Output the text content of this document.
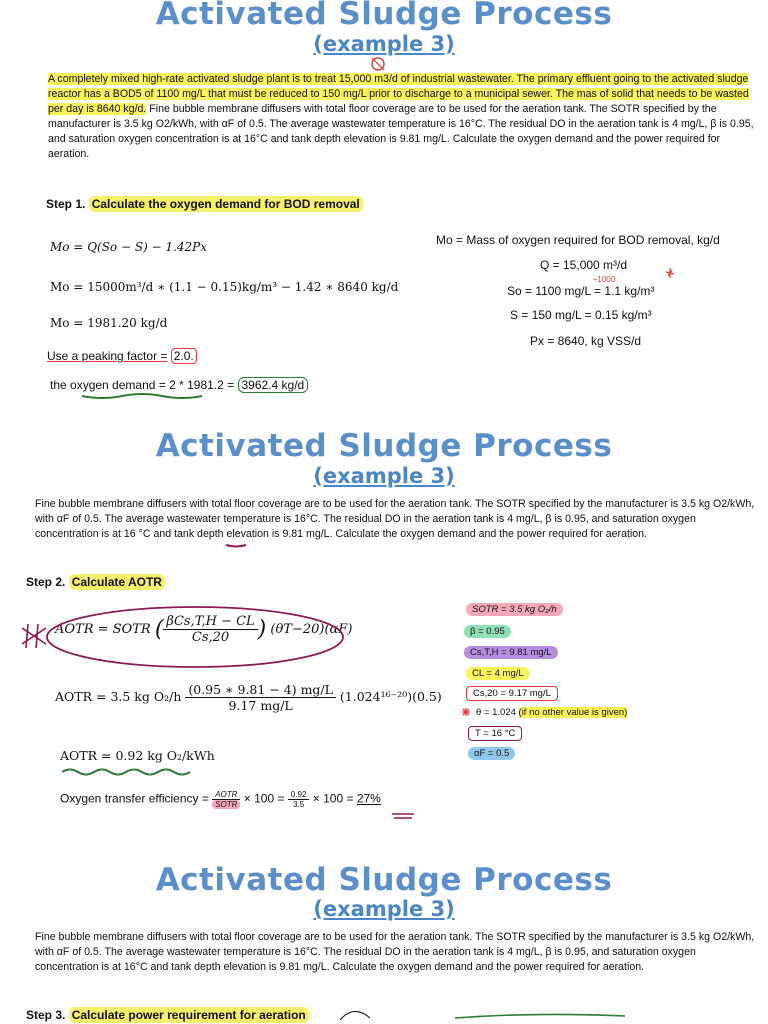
Activated Sludge Process
(example 3)
A completely mixed high-rate activated sludge plant is to treat 15,000 m3/d of industrial wastewater. The primary effluent going to the activated sludge reactor has a BOD5 of 1100 mg/L that must be reduced to 150 mg/L prior to discharge to a municipal sewer. The mas of solid that needs to be wasted per day is 8640 kg/d. Fine bubble membrane diffusers with total floor coverage are to be used for the aeration tank. The SOTR specified by the manufacturer is 3.5 kg O2/kWh, with αF of 0.5. The average wastewater temperature is 16°C. The residual DO in the aeration tank is 4 mg/L, β is 0.95, and saturation oxygen concentration is at 16°C and tank depth elevation is 9.81 mg/L. Calculate the oxygen demand and the power required for aeration.
Step 1. Calculate the oxygen demand for BOD removal
Mo = Q(So − S) − 1.42Px
Mo = 15000m³/d ∗ (1.1 − 0.15)kg/m³ − 1.42 ∗ 8640 kg/d
Mo = 1981.20 kg/d
Use a peaking factor = 2.0.
the oxygen demand = 2 * 1981.2 = 3962.4 kg/d
Mo = Mass of oxygen required for BOD removal, kg/d
Q = 15,000 m³/d
So = 1100 mg/L = 1.1 kg/m³
S = 150 mg/L = 0.15 kg/m³
Px = 8640, kg VSS/d
÷1000
Activated Sludge Process
(example 3)
Fine bubble membrane diffusers with total floor coverage are to be used for the aeration tank. The SOTR specified by the manufacturer is 3.5 kg O2/kWh, with αF of 0.5. The average wastewater temperature is 16°C. The residual DO in the aeration tank is 4 mg/L, β is 0.95, and saturation oxygen concentration is at 16 °C and tank depth elevation is 9.81 mg/L. Calculate the oxygen demand and the power required for aeration.
Step 2. Calculate AOTR
AOTR = SOTR ( $\frac{\text{βCs,T,H − CL}}{Cs,20}$ ) (θT−20)(αF)
AOTR = 3.5 kg $O_2/h \frac{(0.95 ∗ 9.81 - 4) mg/L}{9.17 mg/L} (1.024^{16-20})(0.5)$
AOTR = 0.92 kg O₂/kWh
Oxygen transfer efficiency = $\frac{\text{AOTR}}{\text{SOTR}} \times 100 = \frac{0.92}{3.5} \times 100 = 27\%$
SOTR = 3.5 kg O₂/h
β = 0.95
Cs,T,H = 9.81 mg/L
CL = 4 mg/L
Cs,20 = 9.17 mg/L
θ = 1.024 (if no other value is given)
T = 16 °C
αF = 0.5
Activated Sludge Process
(example 3)
Fine bubble membrane diffusers with total floor coverage are to be used for the aeration tank. The SOTR specified by the manufacturer is 3.5 kg O2/kWh, with αF of 0.5. The average wastewater temperature is 16°C. The residual DO in the aeration tank is 4 mg/L, β is 0.95, and saturation oxygen concentration is at 16°C and tank depth elevation is 9.81 mg/L. Calculate the oxygen demand and the power required for aeration.
Step 3. Calculate power requirement for aeration
